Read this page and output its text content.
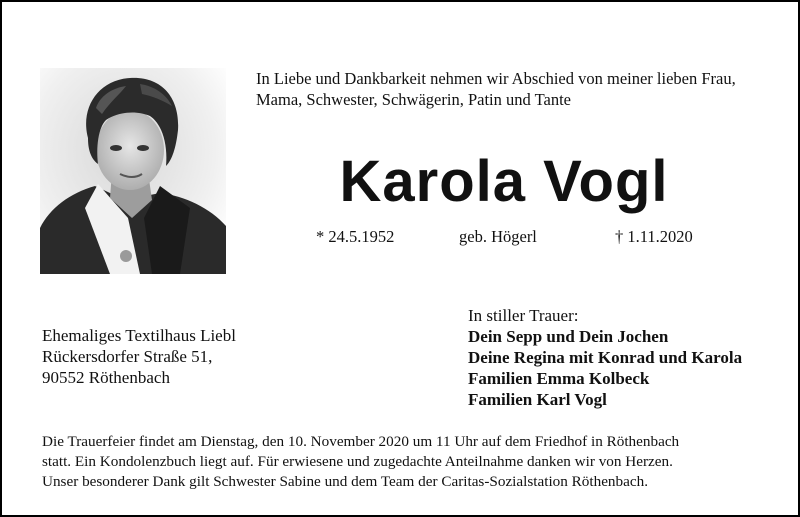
In Liebe und Dankbarkeit nehmen wir Abschied von meiner lieben Frau,
Mama, Schwester, Schwägerin, Patin und Tante
Karola Vogl
* 24.5.1952	geb. Högerl	† 1.11.2020
Ehemaliges Textilhaus Liebl
Rückersdorfer Straße 51,
90552 Röthenbach
In stiller Trauer:
Dein Sepp und Dein Jochen
Deine Regina mit Konrad und Karola
Familien Emma Kolbeck
Familien Karl Vogl
Die Trauerfeier findet am Dienstag, den 10. November 2020 um 11 Uhr auf dem Friedhof in Röthenbach
statt. Ein Kondolenzbuch liegt auf. Für erwiesene und zugedachte Anteilnahme danken wir von Herzen.
Unser besonderer Dank gilt Schwester Sabine und dem Team der Caritas-Sozialstation Röthenbach.
